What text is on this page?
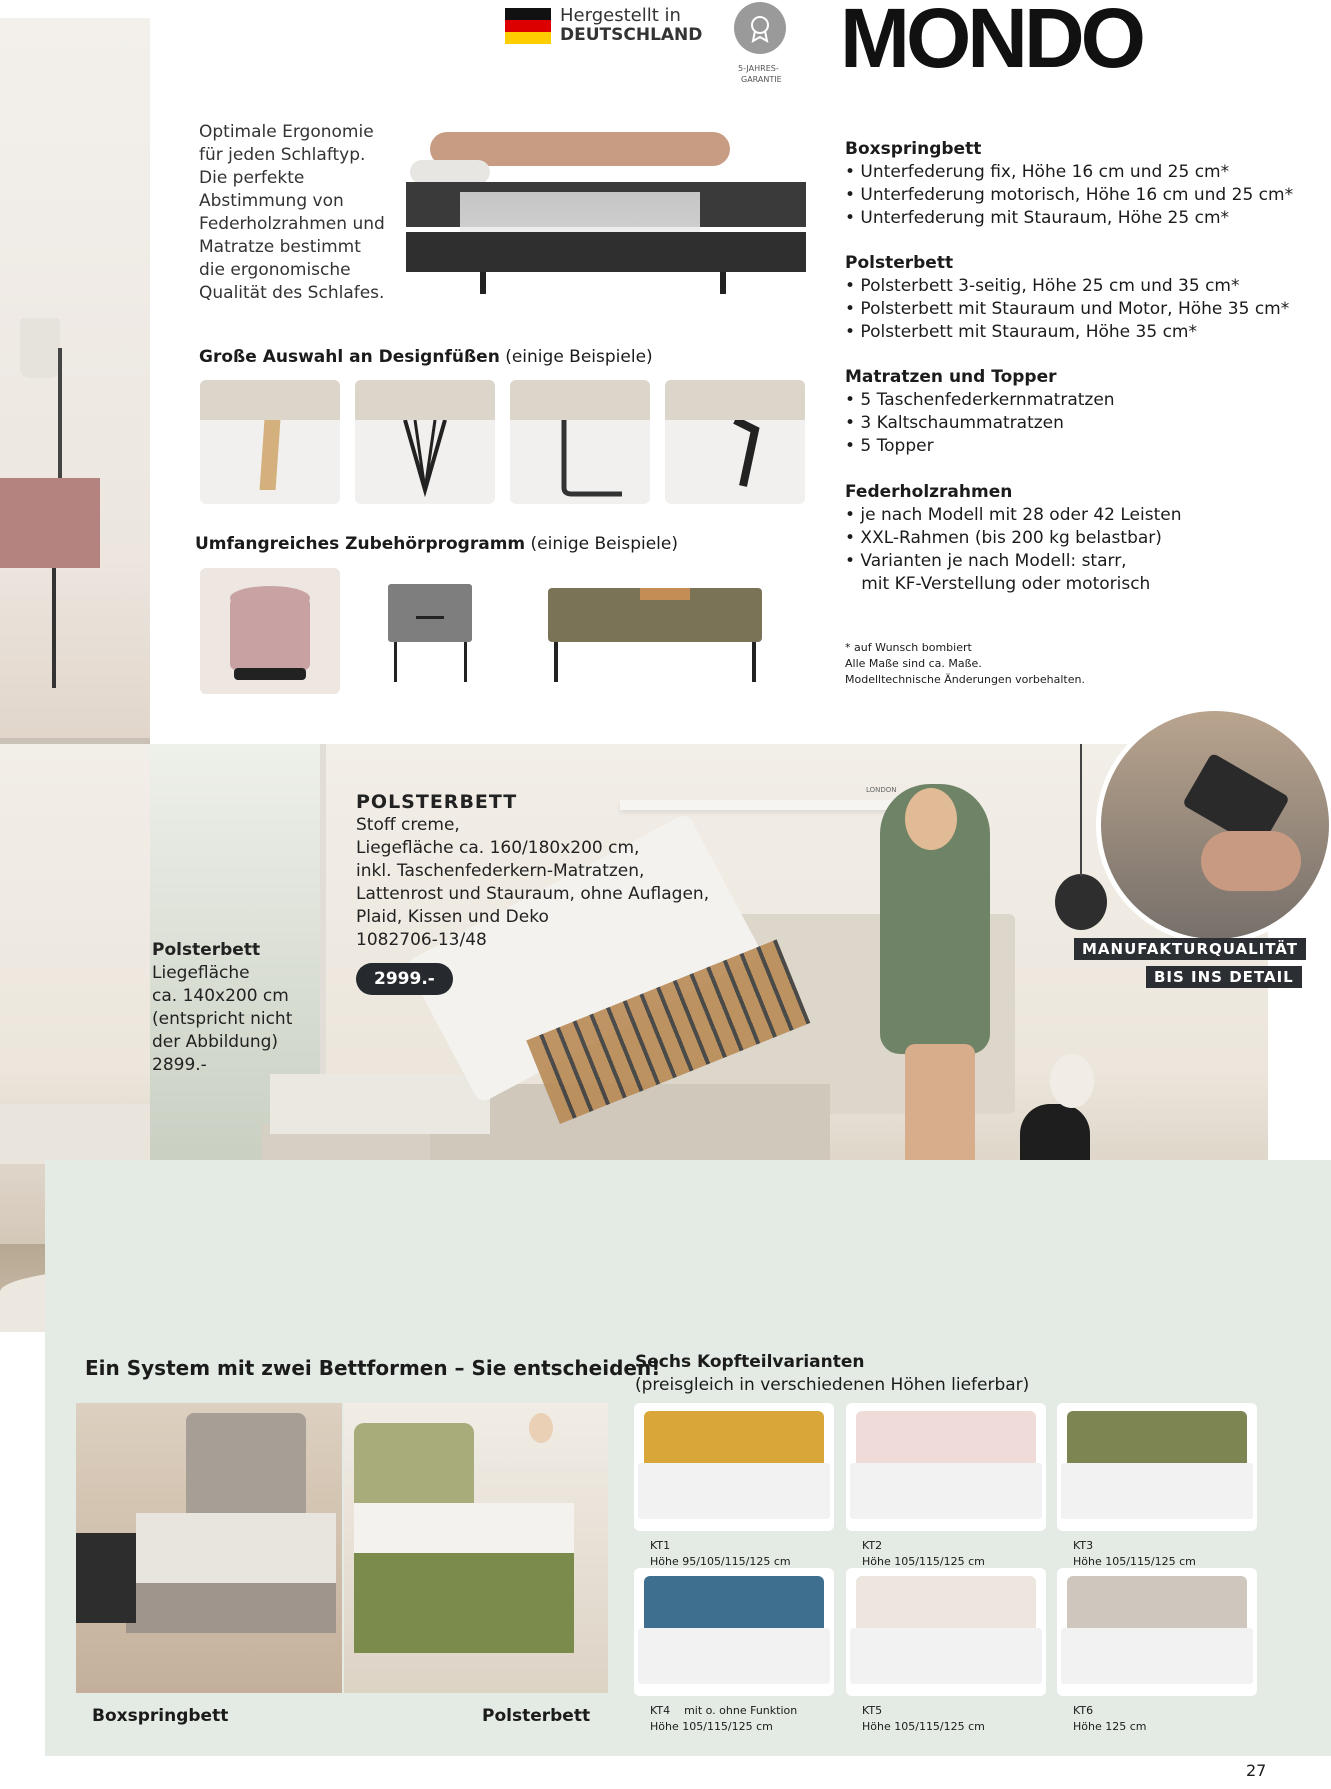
Hergestellt in
DEUTSCHLAND
5-JAHRES-
GARANTIE MONDO
Optimale Ergonomie
für jeden Schlaftyp.
Die perfekte
Abstimmung von
Federholzrahmen und
Matratze bestimmt
die ergonomische
Qualität des Schlafes.
Große Auswahl an Designfüßen (einige Beispiele)
Umfangreiches Zubehörprogramm (einige Beispiele)
Boxspringbett
• Unterfederung fix, Höhe 16 cm und 25 cm*
• Unterfederung motorisch, Höhe 16 cm und 25 cm*
• Unterfederung mit Stauraum, Höhe 25 cm*
Polsterbett
• Polsterbett 3-seitig, Höhe 25 cm und 35 cm*
• Polsterbett mit Stauraum und Motor, Höhe 35 cm*
• Polsterbett mit Stauraum, Höhe 35 cm*
Matratzen und Topper
• 5 Taschenfederkernmatratzen
• 3 Kaltschaummatratzen
• 5 Topper
Federholzrahmen
• je nach Modell mit 28 oder 42 Leisten
• XXL-Rahmen (bis 200 kg belastbar)
• Varianten je nach Modell: starr,
mit KF-Verstellung oder motorisch
* auf Wunsch bombiert
Alle Maße sind ca. Maße.
Modelltechnische Änderungen vorbehalten.
LONDON
MANUFAKTURQUALITÄT
BIS INS DETAIL
POLSTERBETT
Stoff creme,
Liegefläche ca. 160/180x200 cm,
inkl. Taschenfederkern-Matratzen,
Lattenrost und Stauraum, ohne Auflagen,
Plaid, Kissen und Deko
1082706-13/48
2999.-
Polsterbett
Liegefläche
ca. 140x200 cm
(entspricht nicht
der Abbildung)
2899.-
Ein System mit zwei Bettformen – Sie entscheiden!
Boxspringbett	Polsterbett
Sechs Kopfteilvarianten
(preisgleich in verschiedenen Höhen lieferbar)
KT1
Höhe 95/105/115/125 cm
KT2
Höhe 105/115/125 cm
KT3
Höhe 105/115/125 cm
KT4    mit o. ohne Funktion
Höhe 105/115/125 cm
KT5
Höhe 105/115/125 cm
KT6
Höhe 125 cm
27
